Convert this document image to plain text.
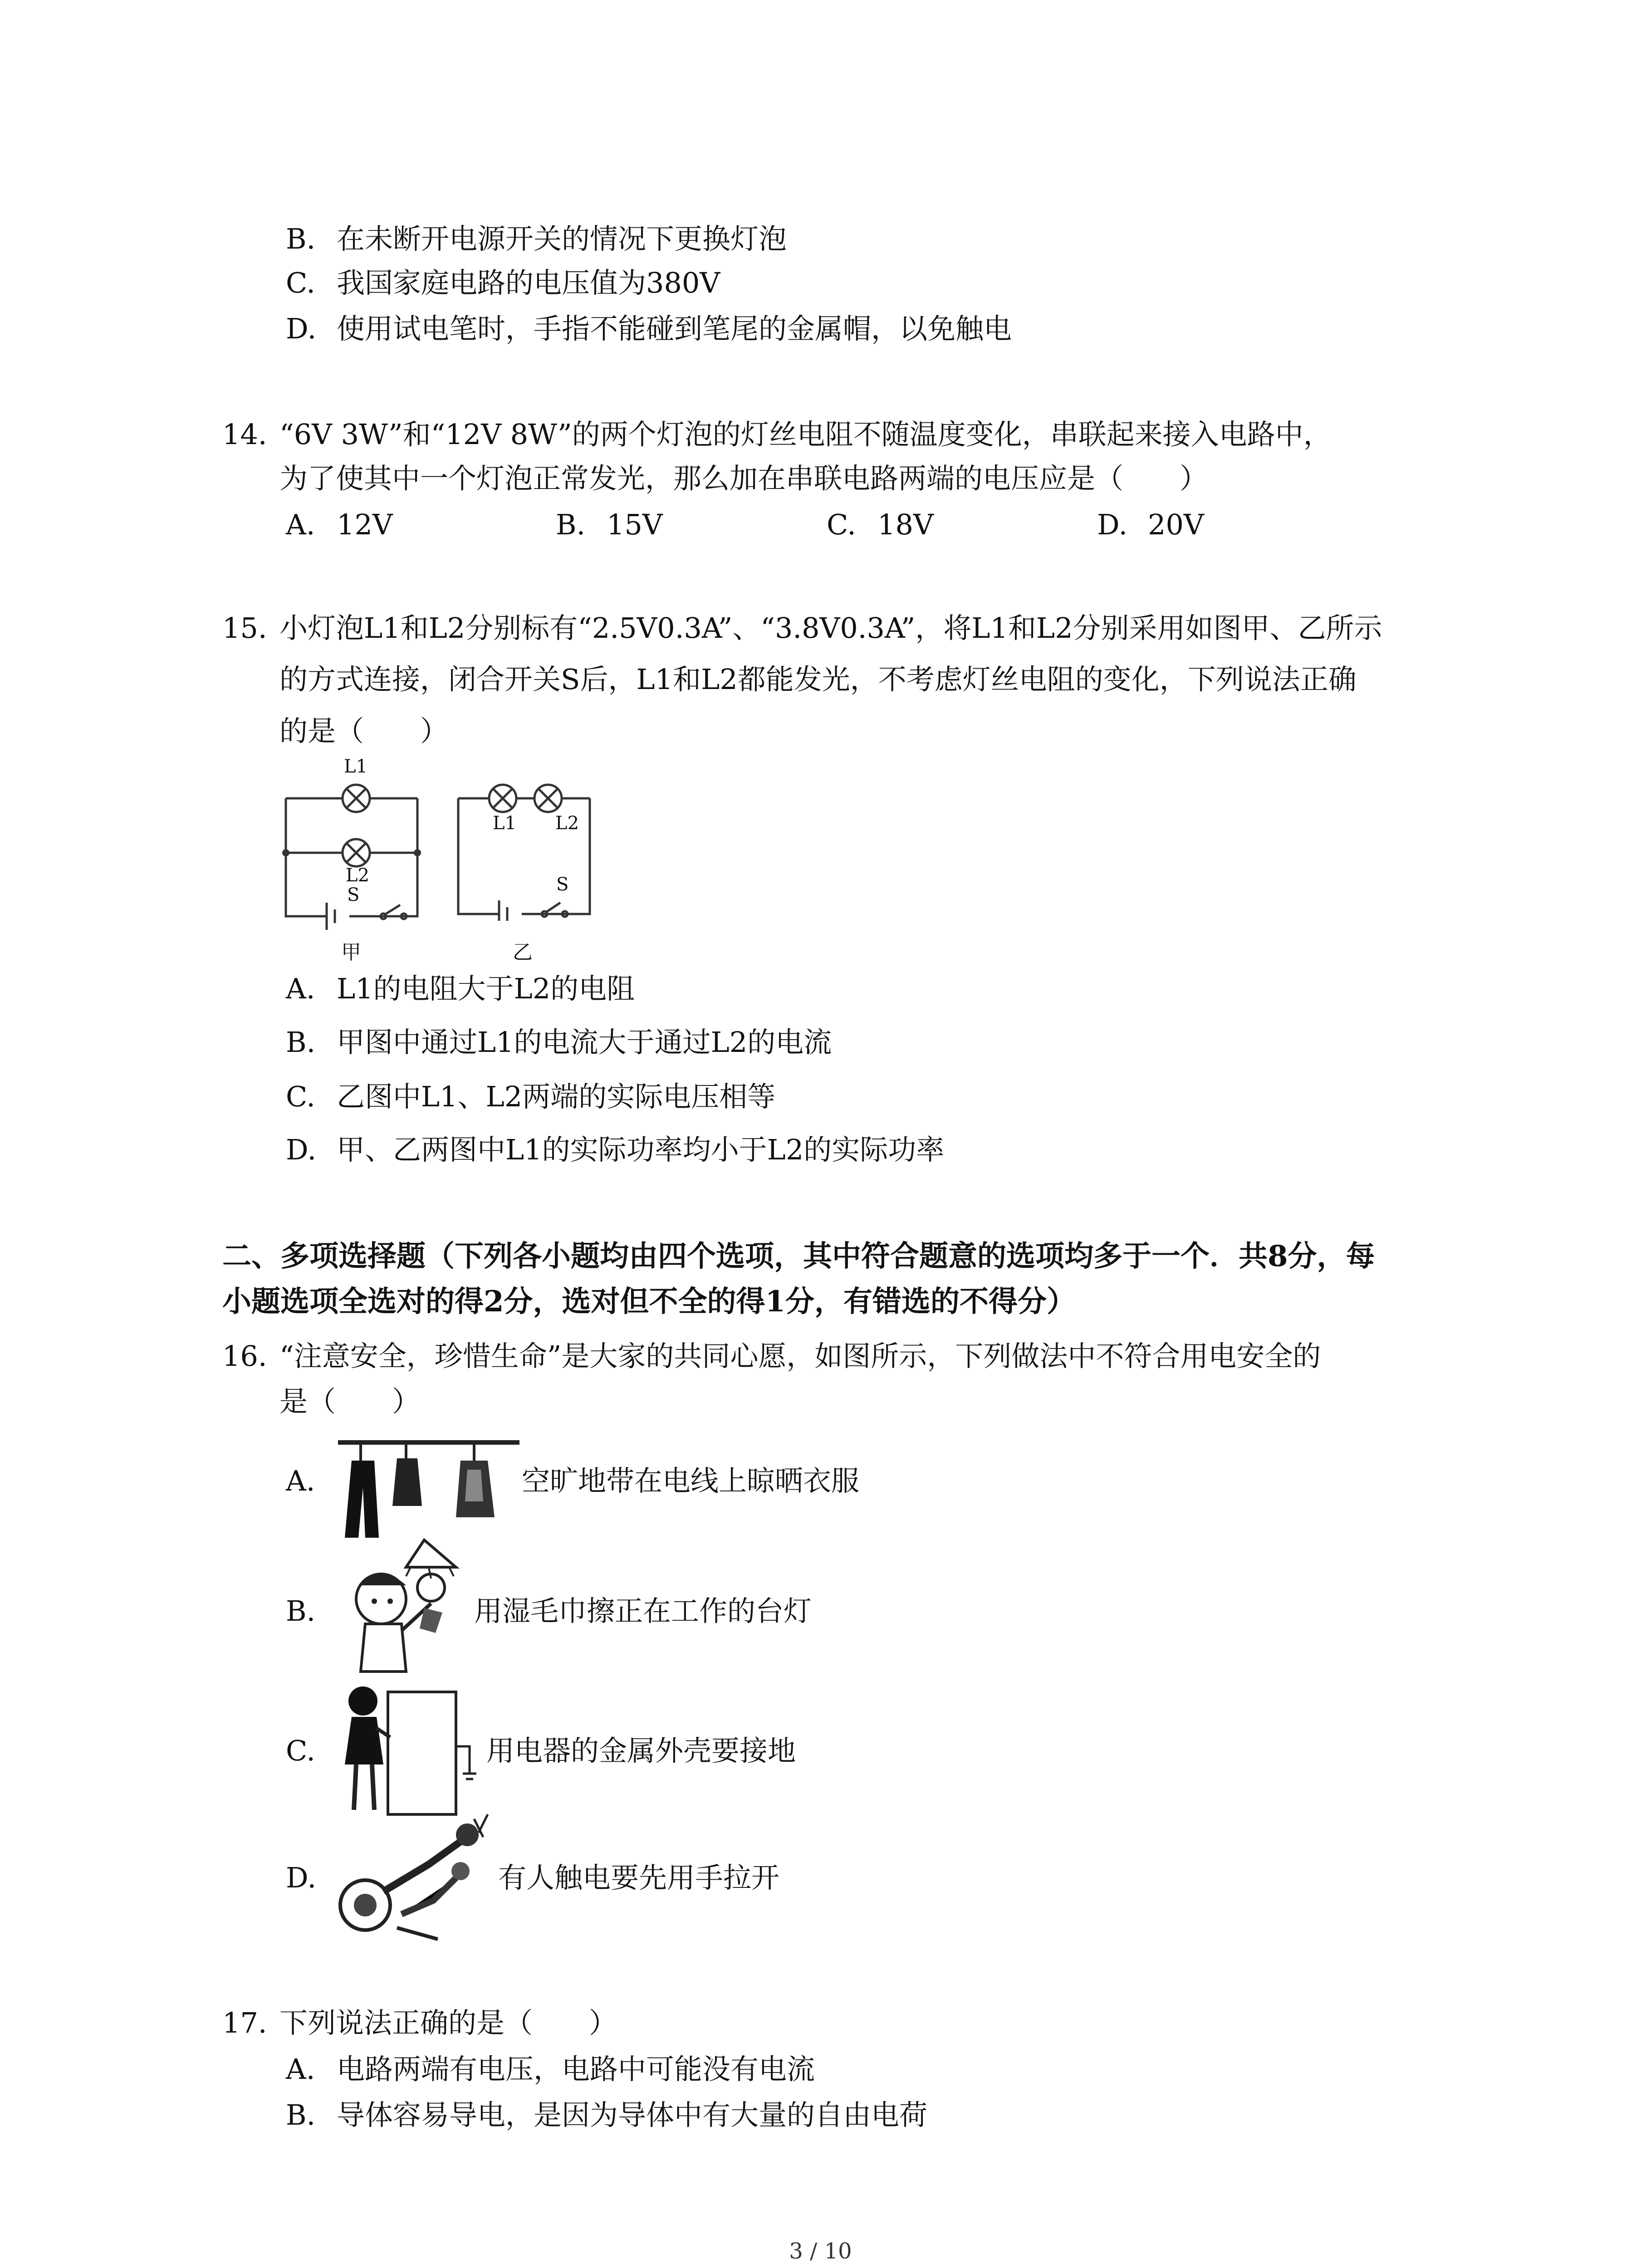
B. 在未断开电源开关的情况下更换灯泡
C. 我国家庭电路的电压值为380V
D. 使用试电笔时，手指不能碰到笔尾的金属帽，以免触电
14. “6V 3W”和“12V 8W”的两个灯泡的灯丝电阻不随温度变化，串联起来接入电路中，
为了使其中一个灯泡正常发光，那么加在串联电路两端的电压应是（　　）
A. 12V	B. 15V	C. 18V	D. 20V
15. 小灯泡L1和L2分别标有“2.5V0.3A”、“3.8V0.3A”，将L1和L2分别采用如图甲、乙所示
的方式连接，闭合开关S后，L1和L2都能发光，不考虑灯丝电阻的变化，下列说法正确
的是（　　）
L1
L2
S
甲
L1 L2
S
乙
A. L1的电阻大于L2的电阻
B. 甲图中通过L1的电流大于通过L2的电流
C. 乙图中L1、L2两端的实际电压相等
D. 甲、乙两图中L1的实际功率均小于L2的实际功率
二、多项选择题（下列各小题均由四个选项，其中符合题意的选项均多于一个．共8分，每
小题选项全选对的得2分，选对但不全的得1分，有错选的不得分）
16. “注意安全，珍惜生命”是大家的共同心愿，如图所示，下列做法中不符合用电安全的
是（　　）
A.	空旷地带在电线上晾晒衣服
B.	用湿毛巾擦正在工作的台灯
C.	用电器的金属外壳要接地
D.	有人触电要先用手拉开
17. 下列说法正确的是（　　）
A. 电路两端有电压，电路中可能没有电流
B. 导体容易导电，是因为导体中有大量的自由电荷
3 / 10
